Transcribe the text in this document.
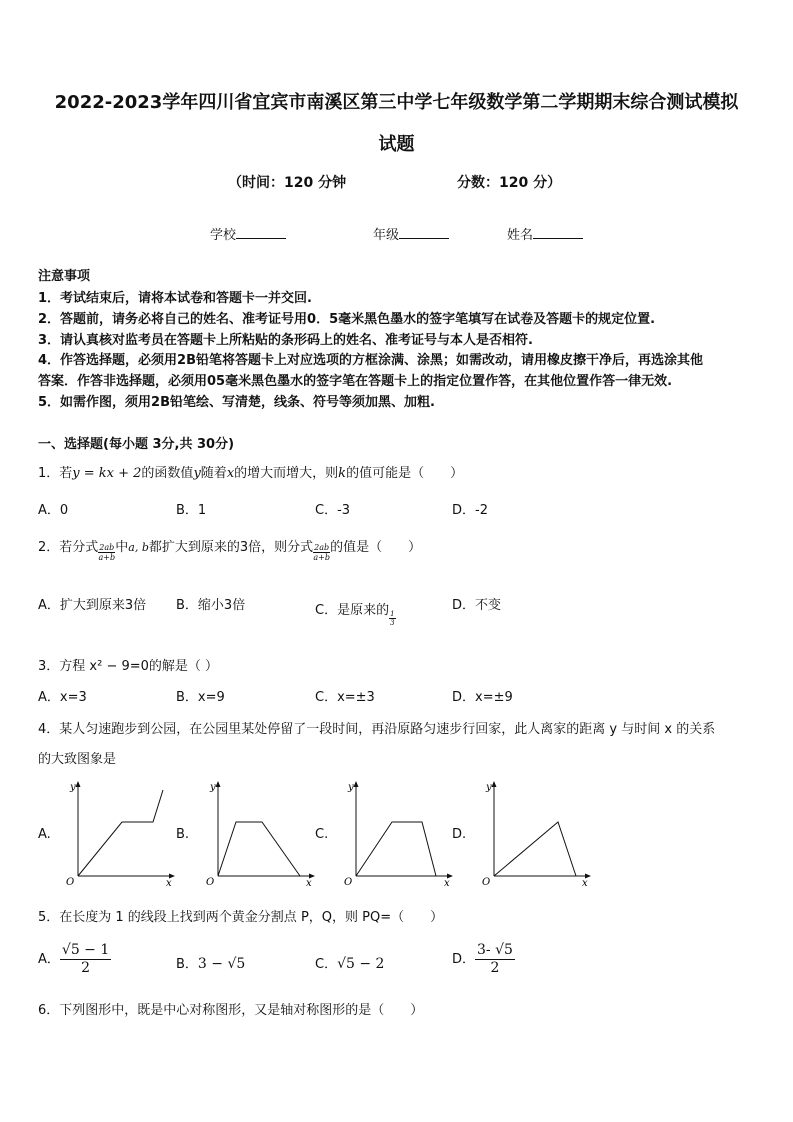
2022-2023学年四川省宜宾市南溪区第三中学七年级数学第二学期期末综合测试模拟
试题
（时间：120 分钟	分数：120 分）
学校	年级	姓名
注意事项
1．考试结束后，请将本试卷和答题卡一并交回.
2．答题前，请务必将自己的姓名、准考证号用0．5毫米黑色墨水的签字笔填写在试卷及答题卡的规定位置.
3．请认真核对监考员在答题卡上所粘贴的条形码上的姓名、准考证号与本人是否相符.
4．作答选择题，必须用2B铅笔将答题卡上对应选项的方框涂满、涂黑；如需改动，请用橡皮擦干净后，再选涂其他
答案．作答非选择题，必须用05毫米黑色墨水的签字笔在答题卡上的指定位置作答，在其他位置作答一律无效.
5．如需作图，须用2B铅笔绘、写清楚，线条、符号等须加黑、加粗.
一、选择题(每小题 3分,共 30分)
1．若y = kx + 2的函数值y随着x的增大而增大，则k的值可能是（　　）
A．0	B．1	C．-3	D．-2
2．若分式 $\frac{2ab}{a+b}$ 中a, b都扩大到原来的3倍，则分式 $\frac{2ab}{a+b}$ 的值是（　　）
A．扩大到原来3倍 B．缩小3倍	C．是原来的 $\frac{1}{3}$
D．不变
3．方程 x² − 9=0的解是（ ）
A．x=3	B．x=9	C．x=±3	D．x=±9
4．某人匀速跑步到公园，在公园里某处停留了一段时间，再沿原路匀速步行回家，此人离家的距离 y 与时间 x 的关系
的大致图象是
A.	B.	C.	D.
y
x
O
y
x
O
y
x
O
y
x
O
5．在长度为 1 的线段上找到两个黄金分割点 P，Q，则 PQ=（　　）
A． $\frac{√5 - 1}{2}$	B．3 − √5	C．√5 − 2	D． $\frac{3- √5}{2}$
6．下列图形中，既是中心对称图形，又是轴对称图形的是（　　）
